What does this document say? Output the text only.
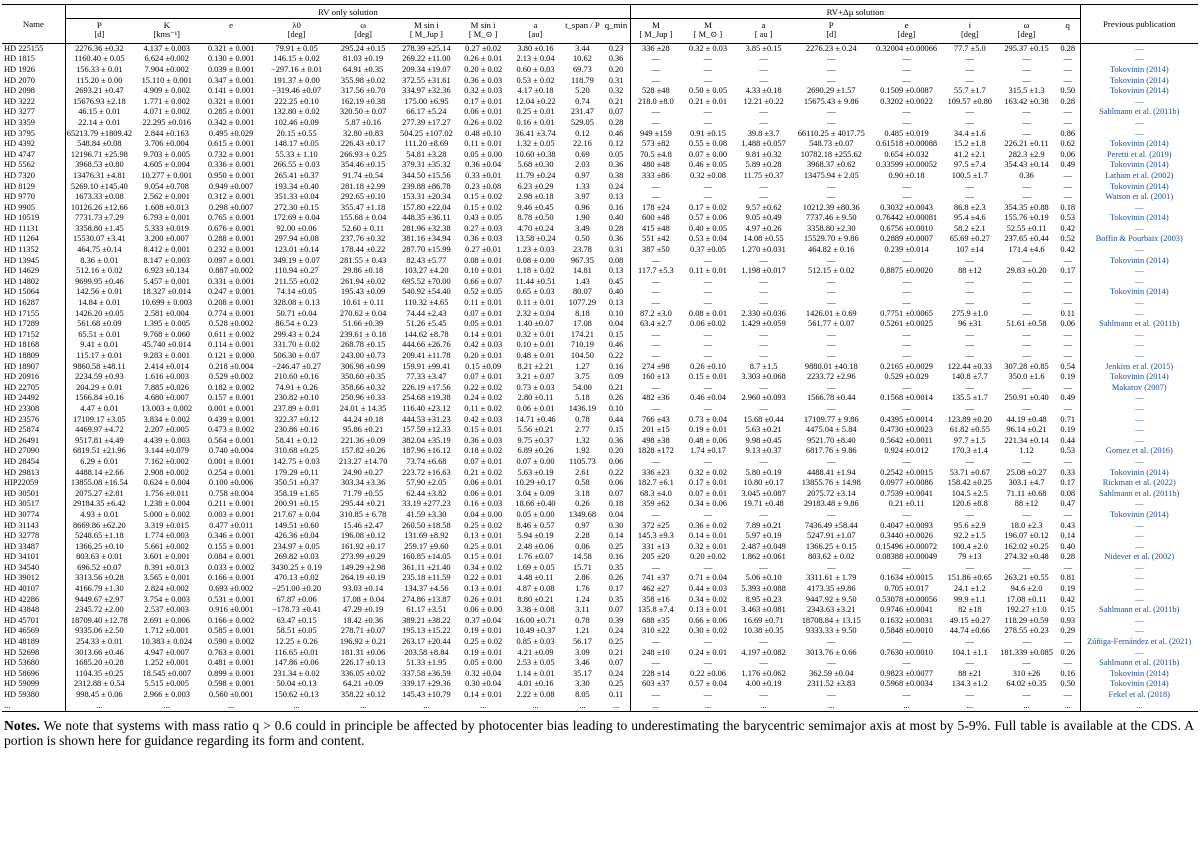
	RV only solution										RV+Δμ solution								
Name	P	K	e	λ0	ω	M sin i	M sin i	a	t_span / P	q_min	M	M	a	P	e	i	ω	q	Previous publication
	[d]	[kms⁻¹]		[deg]	[deg]	[ M_Jup ]	[ M_⊙ ]	[au]			[ M_Jup ]	[ M_⊙ ]	[ au ]	[d]	[deg]	[deg]	[deg]		
HD 225155	2276.36 ±0.32	4.137 ± 0.003	0.321 ± 0.001	79.91 ± 0.05	295.24 ±0.15	278.39 ±25.14	0.27 ±0.02	3.80 ±0.16	3.44	0.23	336 ±28	0.32 ± 0.03	3.85 ±0.15	2276.23 ± 0.24	0.32004 ±0.00066	77.7 ±5.0	295.37 ±0.15	0.28	—
HD 1815	1160.40 ± 0.05	6.624 ±0.002	0.130 ± 0.001	146.15 ± 0.02	81.03 ±0.19	269.22 ±11.00	0.26 ± 0.01	2.13 ± 0.04	10.62	0.36	—	—	—	—	—	—	—	—	—
HD 1926	156.33 ± 0.01	7.904 ±0.002	0.039 ± 0.001	−297.16 ± 0.01	64.91 ±0.35	209.34 ±19.07	0.20 ± 0.02	0.60 ± 0.03	69.73	0.20	—	—	—	—	—	—	—	—	Tokovinin (2014)
HD 2070	115.20 ± 0.00	15.110 ± 0.001	0.347 ± 0.001	191.37 ± 0.00	355.98 ±0.02	372.55 ±31.61	0.36 ± 0.03	0.53 ± 0.02	118.79	0.31	—	—	—	—	—	—	—	—	Tokovinin (2014)
HD 2098	2693.21 ±0.47	4.909 ± 0.002	0.141 ± 0.001	−319.46 ±0.07	317.56 ±0.70	334.97 ±32.36	0.32 ± 0.03	4.17 ±0.18	5.20	0.32	528 ±48	0.50 ± 0.05	4.33 ±0.18	2690.29 ±1.57	0.1509 ±0.0087	55.7 ±1.7	315.5 ±1.3	0.50	Tokovinin (2014)
HD 3222	15676.93 ±2.18	1.771 ± 0.002	0.321 ± 0.001	222.25 ±0.10	162.19 ±0.38	175.00 ±6.95	0.17 ± 0.01	12.04 ±0.22	0.74	0.21	218.0 ±8.0	0.21 ± 0.01	12.21 ±0.22	15675.43 ± 9.86	0.3202 ±0.0022	109.57 ±0.80	163.42 ±0.38	0.28	—
HD 3277	46.15 ± 0.01	4.071 ± 0.002	0.285 ± 0.001	132.80 ± 0.02	320.50 ± 0.07	66.17 ±5.24	0.06 ± 0.01	0.25 ± 0.01	231.47	0.07	—	—	—	—	—	—	—	—	Sahlmann et al. (2011b)
HD 3359	22.14 ± 0.01	22.295 ±0.016	0.342 ± 0.001	102.46 ±0.09	5.87 ±0.16	277.39 ±17.27	0.26 ± 0.02	0.16 ± 0.01	529.05	0.28	—	—	—	—	—	—	—	—	—
HD 3795	65213.79 ±1809.42	2.844 ±0.163	0.495 ±0.029	20.15 ±0.55	32.80 ±0.83	504.25 ±107.02	0.48 ±0.10	36.41 ±3.74	0.12	0.46	949 ±159	0.91 ±0.15	39.8 ±3.7	66110.25 ± 4017.75	0.485 ±0.019	34.4 ±1.6	—	0.86	—
HD 4392	548.84 ±0.08	3.706 ±0.004	0.615 ± 0.001	148.17 ±0.05	226.43 ±0.17	111.20 ±8.69	0.11 ± 0.01	1.32 ± 0.05	22.16	0.12	573 ±82	0.55 ± 0.08	1.488 ±0.057	548.73 ±0.07	0.61518 ±0.00088	15.2 ±1.8	226.21 ±0.11	0.62	Tokovinin (2014)
HD 4747	12196.71 ±25.98	9.703 ± 0.005	0.732 ± 0.001	55.33 ± 1.10	266.93 ± 0.25	54.81 ±3.28	0.05 ± 0.00	10.60 ±0.38	0.69	0.05	70.5 ±4.8	0.07 ± 0.00	9.81 ±0.32	10782.18 ±255.62	0.654 ±0.032	41.2 ±2.1	282.3 ±2.9	0.06	Peretti et al. (2019)
HD 5562	3968.53 ±0.80	4.605 ± 0.004	0.336 ± 0.001	266.55 ± 0.03	354.46 ±0.15	379.31 ±35.32	0.36 ±0.04	5.68 ±0.30	2.03	0.36	480 ±48	0.46 ± 0.05	5.89 ±0.28	3968.37 ±0.62	0.33599 ±0.00052	97.5 ±7.4	354.43 ±0.14	0.49	Tokovinin (2014)
HD 7320	13476.31 ±4.81	10.277 ± 0.001	0.950 ± 0.001	265.41 ±0.37	91.74 ±0.54	344.50 ±15.56	0.33 ±0.01	11.79 ±0.24	0.97	0.38	333 ±86	0.32 ±0.08	11.75 ±0.37	13475.94 ± 2.05	0.90 ±0.18	100.5 ±1.7	0.36	—	Latham et al. (2002)
HD 8129	5269.10 ±145.40	9.054 ±0.708	0.949 ±0.007	193.34 ±0.40	281.18 ±2.99	239.88 ±86.78	0.23 ±0.08	6.23 ±0.29	1.33	0.24	—	—	—	—	—	—	—	—	Tokovinin (2014)
HD 9770	1673.33 ±0.08	2.562 ± 0.001	0.312 ± 0.001	351.33 ±0.04	292.65 ±0.10	153.31 ±20.34	0.15 ± 0.02	2.98 ±0.18	3.97	0.13	—	—	—	—	—	—	—	—	Watson et al. (2001)
HD 9905	10126.26 ±12.66	1.608 ±0.013	0.298 ±0.007	272.30 ±0.15	355.47 ±1.18	157.80 ±22.04	0.15 ± 0.02	9.46 ±0.45	0.96	0.16	178 ±24	0.17 ± 0.02	9.57 ±0.62	10212.39 ±80.36	0.3032 ±0.0043	86.8 ±2.3	354.35 ±0.88	0.18	—
HD 10519	7731.73 ±7.29	6.793 ± 0.001	0.765 ± 0.001	172.69 ± 0.04	155.68 ± 0.04	448.35 ±36.11	0.43 ± 0.05	8.78 ±0.50	1.90	0.40	600 ±48	0.57 ± 0.06	9.05 ±0.49	7737.46 ± 9.50	0.76442 ±0.00081	95.4 ±4.6	155.76 ±0.19	0.53	Tokovinin (2014)
HD 11131	3358.80 ±1.45	5.333 ±0.019	0.676 ± 0.001	92.00 ±0.06	52.60 ± 0.11	281.96 ±32.38	0.27 ± 0.03	4.70 ±0.24	3.49	0.28	415 ±48	0.40 ± 0.05	4.97 ±0.26	3358.80 ±2.30	0.6756 ±0.0010	58.2 ±2.1	52.55 ±0.11	0.42	—
HD 11264	15530.07 ±3.41	3.200 ±0.007	0.288 ± 0.001	297.94 ±0.08	237.76 ±0.32	381.16 ±34.94	0.36 ± 0.03	13.58 ±0.24	0.50	0.36	551 ±42	0.53 ± 0.04	14.08 ±0.55	15529.70 ± 9.86	0.2889 ±0.0007	65.69 ±0.27	237.65 ±0.44	0.52	Boffin & Pourbaix (2003)
HD 11352	464.75 ±0.14	8.412 ± 0.001	0.232 ± 0.001	123.01 ±0.14	178.44 ±0.22	287.70 ±15.99	0.27 ±0.01	1.23 ± 0.03	23.78	0.31	387 ±50	0.37 ±0.05	1.270 ±0.031	464.82 ± 0.16	0.239 ±0.014	107 ±14	171.4 ±4.6	0.42	—
HD 13945	8.36 ± 0.01	8.147 ± 0.003	0.097 ± 0.001	349.19 ± 0.07	281.55 ± 0.43	82.43 ±5.77	0.08 ± 0.01	0.08 ± 0.00	967.35	0.08	—	—	—	—	—	—	—	—	Tokovinin (2014)
HD 14629	512.16 ± 0.02	6.923 ±0.134	0.887 ±0.002	110.94 ±0.27	29.86 ±0.18	103.27 ±4.20	0.10 ± 0.01	1.18 ± 0.02	14.81	0.13	117.7 ±5.3	0.11 ± 0.01	1.198 ±0.017	512.15 ± 0.02	0.8875 ±0.0020	88 ±12	29.83 ±0.20	0.17	—
HD 14802	9699.95 ±0.46	5.457 ± 0.001	0.331 ± 0.001	211.55 ±0.02	261.94 ±0.02	695.52 ±70.00	0.66 ± 0.07	11.44 ±0.51	1.43	0.45	—	—	—	—	—	—	—	—	—
HD 15064	142.56 ± 0.01	18.327 ±0.014	0.247 ± 0.001	74.14 ±0.05	195.43 ±0.09	540.92 ±54.40	0.52 ± 0.05	0.65 ± 0.03	80.07	0.40	—	—	—	—	—	—	—	—	Tokovinin (2014)
HD 16287	14.84 ± 0.01	10.699 ± 0.003	0.208 ± 0.001	328.08 ± 0.13	10.61 ± 0.11	110.32 ±4.65	0.11 ± 0.01	0.11 ± 0.01	1077.29	0.13	—	—	—	—	—	—	—	—	—
HD 17155	1426.20 ±0.05	2.581 ±0.004	0.774 ± 0.001	50.71 ±0.04	270.62 ± 0.04	74.44 ±2.43	0.07 ± 0.01	2.32 ± 0.04	8.18	0.10	87.2 ±3.0	0.08 ± 0.01	2.330 ±0.036	1426.01 ± 0.69	0.7751 ±0.0065	275.9 ±1.0	—	0.11	—
HD 17289	561.68 ±0.09	1.395 ± 0.005	0.528 ±0.002	86.54 ± 0.23	51.66 ±0.39	51.26 ±5.45	0.05 ± 0.01	1.40 ±0.07	17.08	0.04	63.4 ±2.7	0.06 ±0.02	1.429 ±0.059	561.77 ± 0.07	0.5261 ±0.0025	96 ±31	51.61 ±0.58	0.06	Sahlmann et al. (2011b)
HD 17152	65.51 ± 0.01	9.768 ± 0.060	0.611 ± 0.002	299.43 ± 0.24	239.61 ± 0.18	144.62 ±8.78	0.14 ± 0.01	0.32 ± 0.01	174.21	0.15	—	—	—	—	—	—	—	—	—
HD 18168	9.41 ± 0.01	45.740 ±0.014	0.114 ± 0.001	331.70 ± 0.02	268.78 ±0.15	444.66 ±26.76	0.42 ± 0.03	0.10 ± 0.01	710.19	0.46	—	—	—	—	—	—	—	—	—
HD 18809	115.17 ± 0.01	9.283 ± 0.001	0.121 ± 0.000	506.30 ± 0.07	243.00 ±0.73	209.41 ±11.78	0.20 ± 0.01	0.48 ± 0.01	104.50	0.22	—	—	—	—	—	—	—	—	—
HD 18907	9860.58 ±48.11	2.414 ±0.014	0.218 ±0.004	−246.47 ±0.27	306.98 ±0.99	159.91 ±99.41	0.15 ±0.09	8.21 ±2.21	1.27	0.16	274 ±98	0.26 ±0.10	8.7 ±1.5	9880.01 ±40.18	0.2165 ±0.0029	122.44 ±0.33	307.28 ±0.85	0.54	Jenkins et al. (2015)
HD 20916	2234.59 ±0.93	1.616 ±0.003	0.529 ±0.002	210.60 ±0.16	350.60 ±0.35	77.33 ±3.47	0.07 ± 0.01	3.21 ± 0.07	3.75	0.09	160 ±13	0.15 ± 0.01	3.303 ±0.068	2233.72 ±2.96	0.529 ±0.029	140.8 ±7.7	350.0 ±1.6	0.19	Tokovinin (2014)
HD 22705	204.29 ± 0.01	7.885 ±0.026	0.182 ± 0.002	74.91 ± 0.26	358.66 ±0.32	226.19 ±17.56	0.22 ± 0.02	0.73 ± 0.03	54.00	0.21	—	—	—	—	—	—	—	—	Makarov (2007)
HD 24492	1566.84 ±0.16	4.680 ±0.007	0.157 ± 0.001	230.82 ±0.10	250.96 ±0.33	254.68 ±19.38	0.24 ± 0.02	2.80 ±0.11	5.18	0.26	482 ±36	0.46 ±0.04	2.960 ±0.093	1566.78 ±0.44	0.1568 ±0.0014	135.5 ±1.7	250.91 ±0.40	0.49	—
HD 23308	4.47 ± 0.01	13.003 ± 0.002	0.001 ± 0.001	237.89 ± 0.01	24.01 ± 14.35	116.40 ±23.12	0.11 ± 0.02	0.06 ± 0.01	1436.19	0.10	—	—	—	—	—	—	—	—	—
HD 23576	17109.17 ±3.05	3.834 ± 0.002	0.439 ± 0.001	322.37 ±0.12	44.24 ±0.18	444.53 ±31.23	0.42 ± 0.03	14.71 ±0.46	0.78	0.44	766 ±43	0.73 ± 0.04	15.68 ±0.44	17109.77 ± 9.86	0.4395 ±0.0014	123.89 ±0.20	44.19 ±0.48	0.71	—
HD 25874	4469.97 ±4.72	2.207 ±0.005	0.473 ± 0.002	230.86 ±0.16	95.86 ±0.21	157.59 ±12.33	0.15 ± 0.01	5.56 ±0.21	2.77	0.15	201 ±15	0.19 ± 0.01	5.63 ±0.21	4475.04 ± 5.84	0.4730 ±0.0023	61.82 ±0.55	96.14 ±0.21	0.19	—
HD 26491	9517.81 ±4.49	4.439 ± 0.003	0.564 ± 0.001	58.41 ± 0.12	221.36 ±0.09	382.04 ±35.19	0.36 ± 0.03	9.75 ±0.37	1.32	0.36	498 ±38	0.48 ± 0.06	9.98 ±0.45	9521.70 ±8.40	0.5642 ±0.0011	97.7 ±1.5	221.34 ±0.14	0.44	—
HD 27090	6819.51 ±21.96	3.144 ±0.079	0.740 ±0.004	310.68 ±0.25	157.82 ±0.26	187.96 ±16.12	0.18 ± 0.02	6.89 ±0.26	1.92	0.20	1828 ±172	1.74 ±0.17	9.13 ±0.37	6817.76 ± 9.86	0.924 ±0.012	170.3 ±1.4	1.12	0.53	Gomez et al. (2016)
HD 28454	6.29 ± 0.01	7.162 ±0.002	0.001 ± 0.001	142.75 ± 0.03	213.27 ±14.70	73.74 ±6.68	0.07 ± 0.01	0.07 ± 0.00	1105.73	0.06	—	—	—	—	—	—	—	—	—
HD 29813	4488.14 ±2.66	2.908 ±0.002	0.254 ± 0.001	179.29 ±0.11	24.90 ±0.27	223.72 ±16.63	0.21 ± 0.02	5.63 ±0.19	2.61	0.22	336 ±23	0.32 ± 0.02	5.80 ±0.19	4488.41 ±1.94	0.2542 ±0.0015	53.71 ±0.67	25.08 ±0.27	0.33	Tokovinin (2014)
HIP22059	13855.08 ±16.54	0.624 ± 0.004	0.100 ±0.006	350.51 ±0.37	303.34 ±3.36	57.90 ±2.05	0.06 ± 0.01	10.29 ±0.17	0.58	0.06	182.7 ±6.1	0.17 ± 0.01	10.80 ±0.17	13855.76 ± 14.98	0.0977 ±0.0086	158.42 ±0.25	303.1 ±4.7	0.17	Rickman et al. (2022)
HD 30501	2075.27 ±2.81	1.756 ±0.011	0.758 ±0.004	358.19 ±1.65	71.79 ±0.55	62.44 ±3.82	0.06 ± 0.01	3.04 ± 0.09	3.18	0.07	68.3 ±4.0	0.07 ± 0.01	3.045 ±0.087	2075.72 ±3.14	0.7539 ±0.0041	104.5 ±2.5	71.11 ±0.68	0.08	Sahlmann et al. (2011b)
HD 30517	29184.35 ±6.42	1.238 ± 0.004	0.211 ± 0.001	200.91 ±0.15	295.44 ±0.21	33.19 ±277.23	0.16 ± 0.03	18.66 ±0.40	0.26	0.18	359 ±62	0.34 ± 0.06	19.71 ±0.48	29183.48 ± 9.86	0.21 ±0.11	120.6 ±8.8	88 ±12	0.47	—
HD 30774	4.93 ± 0.01	5.000 ± 0.002	0.003 ± 0.001	217.67 ± 0.04	310.85 ± 6.78	41.59 ±3.30	0.04 ± 0.00	0.05 ± 0.00	1349.68	0.04	—	—	—	—	—	—	—	—	Tokovinin (2014)
HD 31143	8669.86 ±62.20	3.319 ±0.015	0.477 ±0.011	149.51 ±0.60	15.46 ±2.47	260.50 ±18.58	0.25 ± 0.02	8.46 ± 0.57	0.97	0.30	372 ±25	0.36 ± 0.02	7.89 ±0.21	7436.49 ±58.44	0.4047 ±0.0093	95.6 ±2.9	18.0 ±2.3	0.43	—
HD 32778	5248.65 ±1.18	1.774 ±0.003	0.346 ± 0.001	426.36 ±0.04	196.08 ±0.12	131.69 ±8.92	0.13 ± 0.01	5.94 ±0.19	2.28	0.14	145.3 ±9.3	0.14 ± 0.01	5.97 ±0.19	5247.91 ±1.07	0.3440 ±0.0026	92.2 ±1.5	196.07 ±0.12	0.14	—
HD 33487	1366.25 ±0.10	5.661 ±0.002	0.155 ± 0.001	234.97 ± 0.05	161.92 ±0.17	259.17 ±9.60	0.25 ± 0.01	2.48 ±0.06	0.06	0.25	331 ±13	0.32 ± 0.01	2.487 ±0.049	1366.25 ± 0.15	0.15496 ±0.00072	100.4 ±2.0	162.02 ±0.25	0.40	—
HD 34101	803.63 ± 0.01	3.601 ± 0.001	0.084 ± 0.001	269.82 ±0.03	273.99 ±0.29	160.85 ±14.05	0.15 ± 0.01	1.76 ±0.07	14.58	0.16	205 ±20	0.20 ±0.02	1.862 ±0.061	803.62 ± 0.02	0.08388 ±0.00049	79 ±13	274.32 ±0.48	0.28	Nidever et al. (2002)
HD 34540	696.52 ±0.07	8.391 ±0.013	0.033 ± 0.002	3430.25 ± 0.19	149.29 ±2.98	361.11 ±21.40	0.34 ± 0.02	1.69 ± 0.05	15.71	0.35	—	—	—	—	—	—	—	—	—
HD 39012	3313.56 ±0.28	3.565 ± 0.001	0.166 ± 0.001	470.13 ±0.02	264.19 ±0.19	235.18 ±11.59	0.22 ± 0.01	4.48 ±0.11	2.86	0.26	741 ±37	0.71 ± 0.04	5.06 ±0.10	3311.61 ± 1.79	0.1634 ±0.0015	151.86 ±0.65	263.21 ±0.55	0.81	—
HD 40107	4166.79 ±1.30	2.824 ±0.002	0.693 ±0.002	−251.00 ±0.20	93.03 ±0.14	134.37 ±4.56	0.13 ± 0.01	4.87 ± 0.08	1.76	0.17	462 ±27	0.44 ± 0.03	5.393 ±0.088	4173.35 ±9.86	0.705 ±0.017	24.1 ±1.2	94.6 ±2.0	0.19	—
HD 42286	9449.67 ±2.97	3.754 ± 0.003	0.531 ± 0.001	67.87 ±0.06	17.08 ± 0.04	274.86 ±13.87	0.26 ± 0.01	8.80 ±0.21	1.24	0.35	358 ±16	0.34 ± 0.02	8.95 ±0.23	9447.92 ± 9.50	0.53078 ±0.00056	99.9 ±1.1	17.08 ±0.11	0.42	—
HD 43848	2345.72 ±2.00	2.537 ±0.003	0.916 ±0.001	−178.73 ±0.41	47.29 ±0.19	61.17 ±3.51	0.06 ± 0.00	3.38 ± 0.08	3.11	0.07	135.8 ±7.4	0.13 ± 0.01	3.463 ±0.081	2343.63 ±3.21	0.9746 ±0.0041	82 ±18	192.27 ±1.0	0.15	Sahlmann et al. (2011b)
HD 45701	18709.40 ±12.78	2.691 ± 0.006	0.166 ± 0.002	63.47 ±0.15	18.42 ±0.36	389.21 ±38.22	0.37 ±0.04	16.00 ±0.71	0.78	0.39	688 ±35	0.66 ± 0.06	16.69 ±0.71	18708.84 ± 13.15	0.1632 ±0.0031	49.15 ±0.27	118.29 ±0.59	0.93	—
HD 46569	9335.06 ±2.50	1.712 ±0.001	0.585 ± 0.001	58.51 ±0.05	278.71 ±0.07	195.13 ±15.22	0.19 ± 0.01	10.49 ±0.37	1.21	0.24	310 ±22	0.30 ± 0.02	10.38 ±0.35	9333.33 ± 9.50	0.5848 ±0.0010	44.74 ±0.66	278.55 ±0.23	0.29	—
HD 48189	254.33 ± 0.01	10.383 ± 0.024	0.590 ± 0.002	12.25 ± 0.26	196.92 ± 0.21	263.17 ±20.44	0.25 ± 0.02	0.85 ± 0.03	56.17	0.25	—	—	—	—	—	—	—	—	Zúñiga-Fernández et al. (2021)
HD 52698	3013.66 ±0.46	4.947 ±0.007	0.763 ± 0.001	116.65 ±0.01	181.31 ±0.06	203.58 ±8.84	0.19 ± 0.01	4.21 ±0.09	3.09	0.21	248 ±10	0.24 ± 0.01	4.197 ±0.082	3013.76 ± 0.66	0.7630 ±0.0010	104.1 ±1.1	181.339 ±0.085	0.26	—
HD 53680	1685.20 ±0.28	1.252 ±0.001	0.481 ± 0.001	147.86 ±0.06	226.17 ±0.13	51.33 ±1.95	0.05 ± 0.00	2.53 ± 0.05	3.46	0.07	—	—	—	—	—	—	—	—	Sahlmann et al. (2011b)
HD 58696	1104.35 ±0.25	18.545 ±0.007	0.899 ± 0.001	231.34 ± 0.02	336.05 ±0.02	337.58 ±36.59	0.32 ±0.04	1.14 ± 0.01	35.17	0.24	228 ±14	0.22 ±0.06	1.176 ±0.062	362.59 ±0.04	0.9823 ±0.0077	88 ±21	310 ±26	0.16	Tokovinin (2014)
HD 59099	2312.88 ± 0.54	5.515 ±0.005	0.598 ± 0.001	50.04 ±0.13	64.21 ±0.09	339.17 ±29.36	0.30 ±0.04	4.01 ±0.16	3.30	0.25	603 ±37	0.57 ± 0.04	4.00 ±0.19	2311.52 ±3.83	0.5968 ±0.0034	134.3 ±1.2	64.02 ±0.35	0.50	Tokovinin (2014)
HD 59380	998.45 ± 0.06	2.966 ± 0.003	0.560 ±0.001	150.62 ±0.13	358.22 ±0.12	145.43 ±10.79	0.14 ± 0.01	2.22 ± 0.08	8.05	0.11	—	—	—	—	—	—	—	—	Fekel et al. (2018)
...	...	...	...	...	...	...	...	...	...	...	...	...	...	...	...	...	...	...	...
Notes. We note that systems with mass ratio q > 0.6 could in principle be affected by photocenter bias leading to underestimating the barycentric semimajor axis at most by 5-9%. Full table is available at the CDS. A portion is shown here for guidance regarding its form and content.
